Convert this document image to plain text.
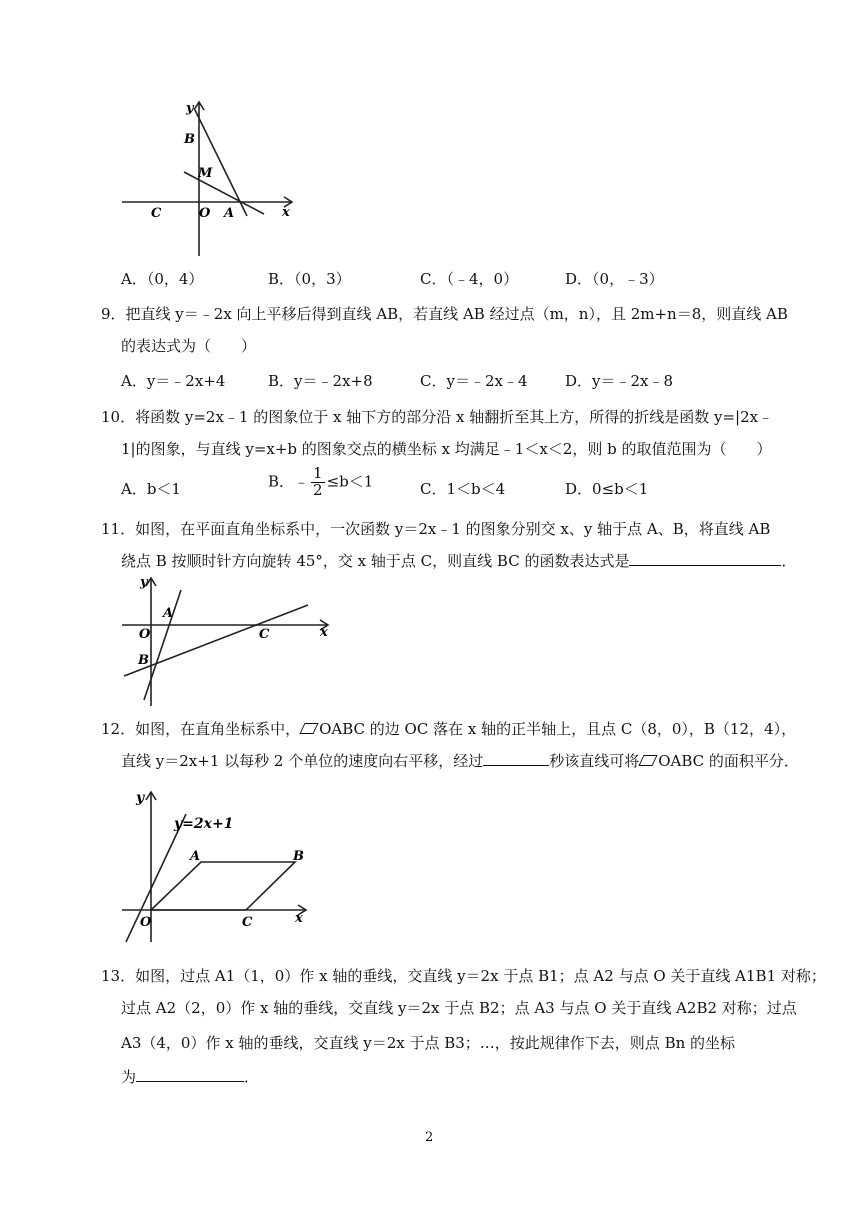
y
x
B
M
C	O A
A．（0，4）	B．（0，3）	C．（﹣4，0）	D．（0，﹣3）
9．把直线 y＝﹣2x 向上平移后得到直线 AB，若直线 AB 经过点（m，n），且 2m+n＝8，则直线 AB
的表达式为（　　）
A．y＝﹣2x+4	B．y＝﹣2x+8	C．y＝﹣2x﹣4	D．y＝﹣2x﹣8
10．将函数 y=2x﹣1 的图象位于 x 轴下方的部分沿 x 轴翻折至其上方，所得的折线是函数 y=|2x﹣
1|的图象，与直线 y=x+b 的图象交点的横坐标 x 均满足﹣1＜x＜2，则 b 的取值范围为（　　）
A．b＜1	B．﹣ $\frac{1}{2} \le b<1$	C．1＜b＜4	D．0≤b＜1
11．如图，在平面直角坐标系中，一次函数 y＝2x﹣1 的图象分别交 x、y 轴于点 A、B，将直线 AB
绕点 B 按顺时针方向旋转 45°，交 x 轴于点 C，则直线 BC 的函数表达式是	．
y
x
A
O
B
C
12．如图，在直角坐标系中， OABC 的边 OC 落在 x 轴的正半轴上，且点 C（8，0），B（12，4），
直线 y＝2x+1 以每秒 2 个单位的速度向右平移，经过	秒该直线可将 OABC 的面积平分．
y
x
y=2x+1
A	B
O	C
13．如图，过点 A1（1，0）作 x 轴的垂线，交直线 y＝2x 于点 B1；点 A2 与点 O 关于直线 A1B1 对称；
过点 A2（2，0）作 x 轴的垂线，交直线 y＝2x 于点 B2；点 A3 与点 O 关于直线 A2B2 对称；过点
A3（4，0）作 x 轴的垂线，交直线 y＝2x 于点 B3；…，按此规律作下去，则点 Bn 的坐标
为	．
2
